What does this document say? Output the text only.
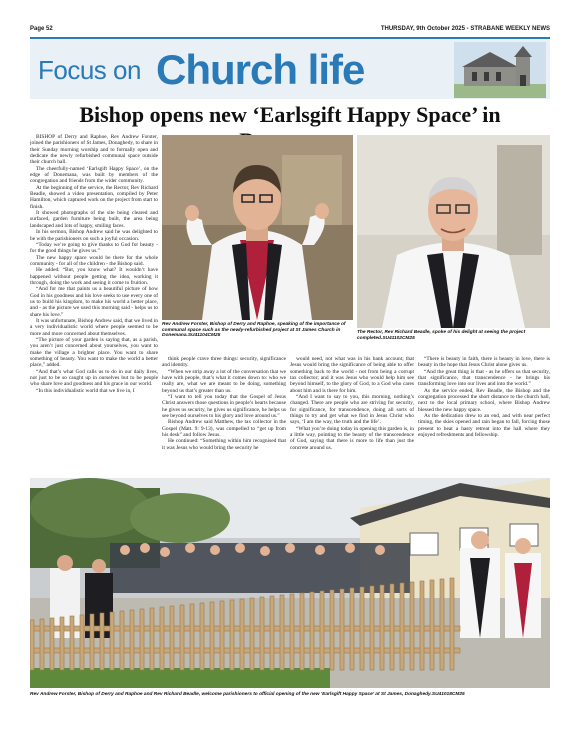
Page 52	THURSDAY, 9th October 2025 - STRABANE WEEKLY NEWS
Focus on Church life
Bishop opens new ‘Earlsgift Happy Space’ in

BISHOP of Derry and Raphoe, Rev Andrew Forster, joined the parishioners of St James, Donaghedy, to share in their Sunday morning worship and to formally open and dedicate the newly refurbished communal space outside their church hall.

The cheerfully-named ‘Earlsgift Happy Space’, on the edge of Donemana, was built by members of the congregation and friends from the wider community.

At the beginning of the service, the Rector, Rev Richard Beadle, showed a video presentation, compiled by Peter Hamilton, which captured work on the project from start to finish.

It showed photographs of the site being cleared and surfaced, garden furniture being built, the area being landscaped and lots of happy, smiling faces.

In his sermon, Bishop Andrew said he was delighted to be with the parishioners on such a joyful occasion.

“Today we’re going to give thanks to God for beauty - for the good things he gives us.”

The new happy space would be there for the whole community - for all of the children - the Bishop said.

He added: “But, you know what? It wouldn’t have happened without people getting the idea, working it through, doing the work and seeing it come to fruition.

“And for me that paints us a beautiful picture of how God in his goodness and his love seeks to use every one of us to build his kingdom, to make his world a better place, and - as the picture we used this morning said - helps us to share his love.”

It was unfortunate, Bishop Andrew said, that we lived in a very individualistic world where people seemed to be more and more concerned about themselves.

“The picture of your garden is saying that, as a parish, you aren’t just concerned about yourselves, you want to make the village a brighter place. You want to share something of beauty. You want to make the world a better place,” added.

“And that’s what God calls us to do in our daily lives, not just to be so caught up in ourselves but to be people who share love and goodness and his grace in our world.

“In this individualistic world that we live in, I

Rev Andrew Forster, Bishop of Derry and Raphoe, speaking of the importance of communal space such as the newly-refurbished project at St James Church in Donemana.SU41104CM25
The Rector, Rev Richard Beadle, spoke of his delight at seeing the project completed.SU41102CM25

think people crave three things: security, significance and identity.

“When we strip away a lot of the conversation that we have with people, that’s what it comes down to: who we really are, what we are meant to be doing, something beyond us that’s greater than us.

“I want to tell you today that the Gospel of Jesus Christ answers those questions in people’s hearts because he gives us security, he gives us significance, he helps us see beyond ourselves to his glory and love around us.”

Bishop Andrew said Matthew, the tax collector in the Gospel (Matt. 9: 9-13), was compelled to “get up from his desk” and follow Jesus.

He continued: “Something within him recognised that it was Jesus who would bring the security he

would need, not what was in his bank account; that Jesus would bring the significance of being able to offer something back to the world - not from being a corrupt tax collector; and it was Jesus who would help him see beyond himself, to the glory of God, to a God who cares about him and is there for him.

“And I want to say to you, this morning, nothing’s changed. There are people who are striving for security, for significance, for transcendence, doing all sorts of things to try and get what we find in Jesus Christ who says, ‘I am the way, the truth and the life’.

“What you’re doing today in opening this garden is, in a little way, pointing to the beauty of the transcendence of God, saying that there is more to life than just the concrete around us.

“There is beauty in faith, there is beauty in love, there is beauty in the hope that Jesus Christ alone gives us.

“And the great thing is that - as he offers us that security, that significance, that transcendence - he brings his transforming love into our lives and into the world.”

As the service ended, Rev Beadle, the Bishop and the congregation processed the short distance to the church hall, next to the local primary school, where Bishop Andrew blessed the new happy space.

As the dedication drew to an end, and with near perfect timing, the skies opened and rain began to fall, forcing those present to beat a hasty retreat into the hall where they enjoyed refreshments and fellowship.

Rev Andrew Forster, Bishop of Derry and Raphoe and Rev Richard Beadle, welcome parishioners to official opening of the new ‘Earlsgift Happy Space’ at St James, Donaghedy.SU41018CM25
